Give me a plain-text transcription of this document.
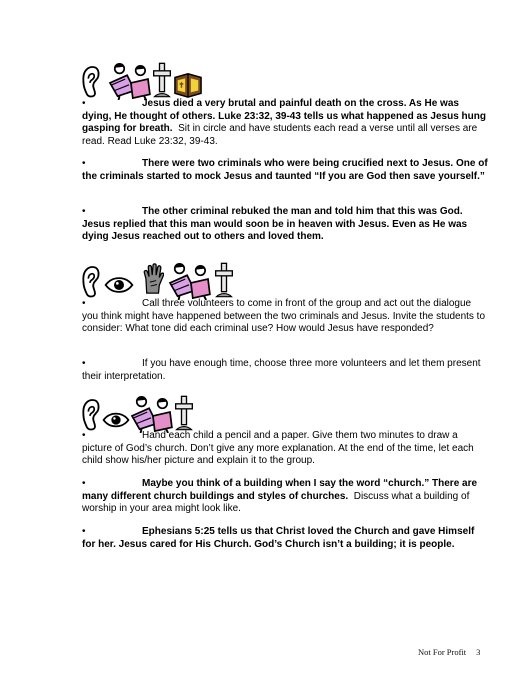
•	Jesus died a very brutal and painful death on the cross. As He was dying, He thought of others. Luke 23:32, 39-43 tells us what happened as Jesus hung gasping for breath. Sit in circle and have students each read a verse until all verses are read. Read Luke 23:32, 39-43.

•	There were two criminals who were being crucified next to Jesus. One of the criminals started to mock Jesus and taunted “If you are God then save yourself.”

•	The other criminal rebuked the man and told him that this was God. Jesus replied that this man would soon be in heaven with Jesus. Even as He was dying Jesus reached out to others and loved them.

•	Call three volunteers to come in front of the group and act out the dialogue you think might have happened between the two criminals and Jesus. Invite the students to consider: What tone did each criminal use? How would Jesus have responded?

•	If you have enough time, choose three more volunteers and let them present their interpretation.

•	Hand each child a pencil and a paper. Give them two minutes to draw a picture of God’s church. Don’t give any more explanation. At the end of the time, let each child show his/her picture and explain it to the group.

•	Maybe you think of a building when I say the word “church.” There are many different church buildings and styles of churches. Discuss what a building of worship in your area might look like.

•	Ephesians 5:25 tells us that Christ loved the Church and gave Himself for her. Jesus cared for His Church. God’s Church isn’t a building; it is people.

Not For Profit 3
